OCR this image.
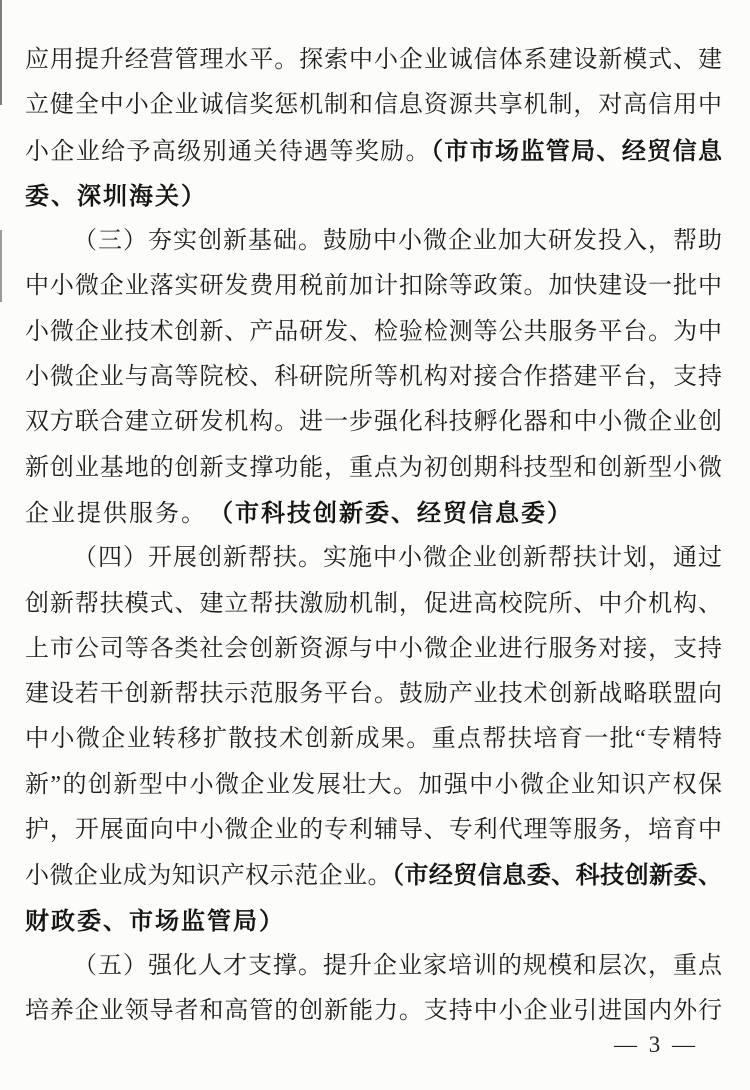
应用提升经营管理水平。探索中小企业诚信体系建设新模式、建
立健全中小企业诚信奖惩机制和信息资源共享机制，对高信用中
小企业给予高级别通关待遇等奖励。（市市场监管局、经贸信息
委、深圳海关）
（三）夯实创新基础。鼓励中小微企业加大研发投入，帮助
中小微企业落实研发费用税前加计扣除等政策。加快建设一批中
小微企业技术创新、产品研发、检验检测等公共服务平台。为中
小微企业与高等院校、科研院所等机构对接合作搭建平台，支持
双方联合建立研发机构。进一步强化科技孵化器和中小微企业创
新创业基地的创新支撑功能，重点为初创期科技型和创新型小微
企业提供服务。　（市科技创新委、经贸信息委）
（四）开展创新帮扶。实施中小微企业创新帮扶计划，通过
创新帮扶模式、建立帮扶激励机制，促进高校院所、中介机构、
上市公司等各类社会创新资源与中小微企业进行服务对接，支持
建设若干创新帮扶示范服务平台。鼓励产业技术创新战略联盟向
中小微企业转移扩散技术创新成果。重点帮扶培育一批“专精特
新”的创新型中小微企业发展壮大。加强中小微企业知识产权保
护，开展面向中小微企业的专利辅导、专利代理等服务，培育中
小微企业成为知识产权示范企业。（市经贸信息委、科技创新委、
财政委、市场监管局）
（五）强化人才支撑。提升企业家培训的规模和层次，重点
培养企业领导者和高管的创新能力。支持中小企业引进国内外行
— 3 —
